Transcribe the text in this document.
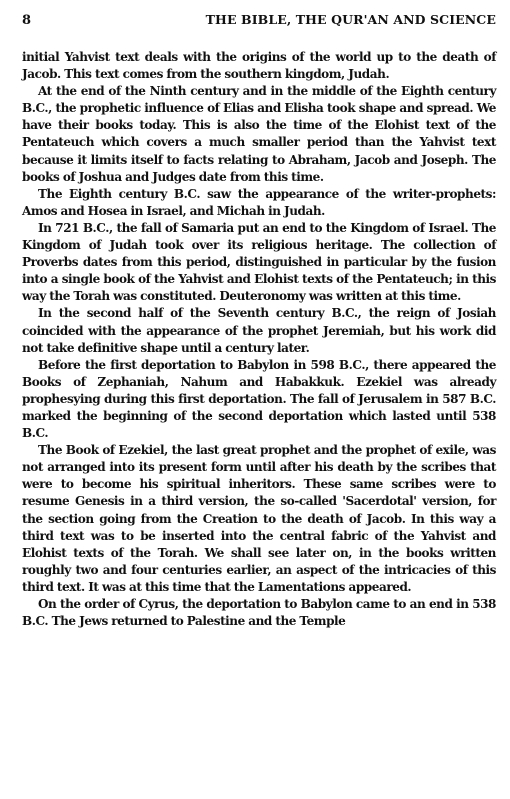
8	THE BIBLE, THE QUR'AN AND SCIENCE

initial Yahvist text deals with the origins of the world up to the death of Jacob. This text comes from the southern kingdom, Judah.

At the end of the Ninth century and in the middle of the Eighth century B.C., the prophetic influence of Elias and Elisha took shape and spread. We have their books today. This is also the time of the Elohist text of the Pentateuch which covers a much smaller period than the Yahvist text because it limits itself to facts relating to Abraham, Jacob and Joseph. The books of Joshua and Judges date from this time.

The Eighth century B.C. saw the appearance of the writer-prophets: Amos and Hosea in Israel, and Michah in Judah.

In 721 B.C., the fall of Samaria put an end to the Kingdom of Israel. The Kingdom of Judah took over its religious heritage. The collection of Proverbs dates from this period, distinguished in particular by the fusion into a single book of the Yahvist and Elohist texts of the Pentateuch; in this way the Torah was constituted. Deuteronomy was written at this time.

In the second half of the Seventh century B.C., the reign of Josiah coincided with the appearance of the prophet Jeremiah, but his work did not take definitive shape until a century later.

Before the first deportation to Babylon in 598 B.C., there appeared the Books of Zephaniah, Nahum and Habakkuk. Ezekiel was already prophesying during this first deportation. The fall of Jerusalem in 587 B.C. marked the beginning of the second deportation which lasted until 538 B.C.

The Book of Ezekiel, the last great prophet and the prophet of exile, was not arranged into its present form until after his death by the scribes that were to become his spiritual inheritors. These same scribes were to resume Genesis in a third version, the so-called 'Sacerdotal' version, for the section going from the Creation to the death of Jacob. In this way a third text was to be inserted into the central fabric of the Yahvist and Elohist texts of the Torah. We shall see later on, in the books written roughly two and four centuries earlier, an aspect of the intricacies of this third text. It was at this time that the Lamentations appeared.

On the order of Cyrus, the deportation to Babylon came to an end in 538 B.C. The Jews returned to Palestine and the Temple
